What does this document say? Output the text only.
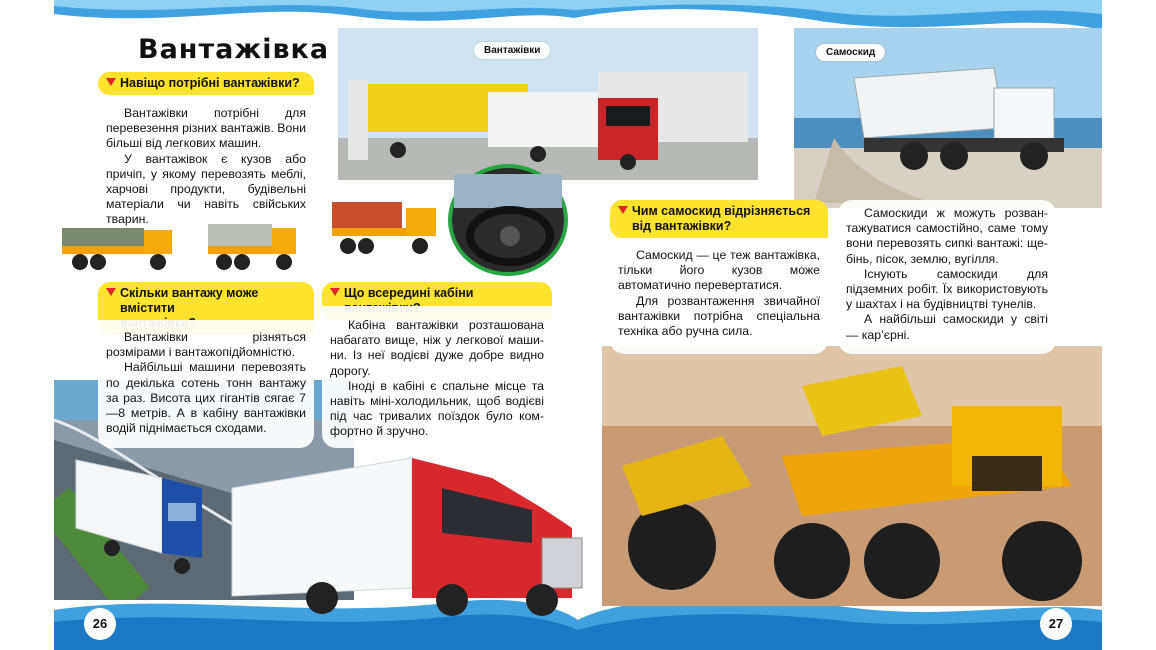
Вантажівки	Самоскид
Вантажівка
Навіщо потрібні вантажівки?

Вантажівки потрібні для перевезення різних вантажів. Вони більші від легкових машин.

У вантажівок є кузов або причіп, у якому перевозять меблі, харчові продукти, будівельні матеріали чи навіть свійських тварин.

Скільки вантажу може вмістити

Вантажівки різняться розмірами і вантажопідйомністю.

Найбільші машини перевозять по декілька сотень тонн вантажу за раз. Висота цих гігантів сягає 7—8 метрів. А в кабіну вантажівки водій піднімається сходами.

Що всередині кабіни

Кабіна вантажівки розташована набагато вище, ніж у легкової машини. Із неї водієві дуже добре видно дорогу.

Іноді в кабіні є спальне місце та навіть міні-холодильник, щоб водієві під час тривалих поїздок було комфортно й зручно.

Чим самоскид відрізняється
від вантажівки?

Самоскид — це теж вантажівка, тільки його кузов може автоматично перевертатися.

Для розвантаження звичайної вантажівки потрібна спеціальна техніка або ручна сила.

Самоскиди ж можуть розвантажуватися самостійно, саме тому вони перевозять сипкі вантажі: щебінь, пісок, землю, вугілля.

Існують самоскиди для підземних робіт. Їх використовують у шахтах і на будівництві тунелів.

А найбільші самоскиди у світі — кар’єрні.

26	27
